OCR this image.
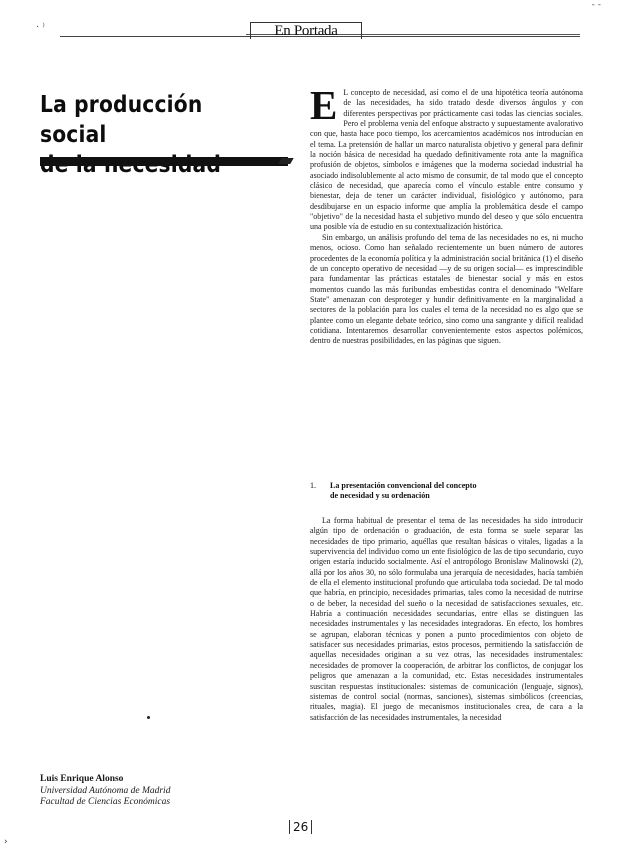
· ⁾
- -
En Portada
La producción social

E L concepto de necesidad, así como el de una hipotética teoría autónoma de las necesidades, ha sido tratado desde diversos ángulos y con diferentes perspectivas por prácticamente casi todas las ciencias sociales. Pero el problema venía del enfoque abstracto y supuestamente avalorativo con que, hasta hace poco tiempo, los acercamientos académicos nos introducían en el tema. La pretensión de hallar un marco naturalista objetivo y general para definir la noción básica de necesidad ha quedado definitivamente rota ante la magnífica profusión de objetos, símbolos e imágenes que la moderna sociedad industrial ha asociado indisolublemente al acto mismo de consumir, de tal modo que el concepto clásico de necesidad, que aparecía como el vínculo estable entre consumo y bienestar, deja de tener un carácter individual, fisiológico y autónomo, para desdibujarse en un espacio informe que amplía la problemática desde el campo "objetivo" de la necesidad hasta el subjetivo mundo del deseo y que sólo encuentra una posible vía de estudio en su contextualización histórica.

Sin embargo, un análisis profundo del tema de las necesidades no es, ni mucho menos, ocioso. Como han señalado recientemente un buen número de autores procedentes de la economía política y la administración social británica (1) el diseño de un concepto operativo de necesidad —y de su origen social— es imprescindible para fundamentar las prácticas estatales de bienestar social y más en estos momentos cuando las más furibundas embestidas contra el denominado "Welfare State" amenazan con desproteger y hundir definitivamente en la marginalidad a sectores de la población para los cuales el tema de la necesidad no es algo que se plantee como un elegante debate teórico, sino como una sangrante y difícil realidad cotidiana. Intentaremos desarrollar convenientemente estos aspectos polémicos, dentro de nuestras posibilidades, en las páginas que siguen.

1. La presentación convencional del concepto
de necesidad y su ordenación

La forma habitual de presentar el tema de las necesidades ha sido introducir algún tipo de ordenación o graduación, de esta forma se suele separar las necesidades de tipo primario, aquéllas que resultan básicas o vitales, ligadas a la supervivencia del individuo como un ente fisiológico de las de tipo secundario, cuyo origen estaría inducido socialmente. Así el antropólogo Bronislaw Malinowski (2), allá por los años 30, no sólo formulaba una jerarquía de necesidades, hacía también de ella el elemento institucional profundo que articulaba toda sociedad. De tal modo que habría, en principio, necesidades primarias, tales como la necesidad de nutrirse o de beber, la necesidad del sueño o la necesidad de satisfacciones sexuales, etc. Habría a continuación necesidades secundarias, entre ellas se distinguen las necesidades instrumentales y las necesidades integradoras. En efecto, los hombres se agrupan, elaboran técnicas y ponen a punto procedimientos con objeto de satisfacer sus necesidades primarias, estos procesos, permitiendo la satisfacción de aquellas necesidades originan a su vez otras, las necesidades instrumentales: necesidades de promover la cooperación, de arbitrar los conflictos, de conjugar los peligros que amenazan a la comunidad, etc. Estas necesidades instrumentales suscitan respuestas institucionales: sistemas de comunicación (lenguaje, signos), sistemas de control social (normas, sanciones), sistemas simbólicos (creencias, rituales, magia). El juego de mecanismos institucionales crea, de cara a la satisfacción de las necesidades instrumentales, la necesidad

Luis Enrique Alonso
Universidad Autónoma de Madrid
Facultad de Ciencias Económicas
26
›
